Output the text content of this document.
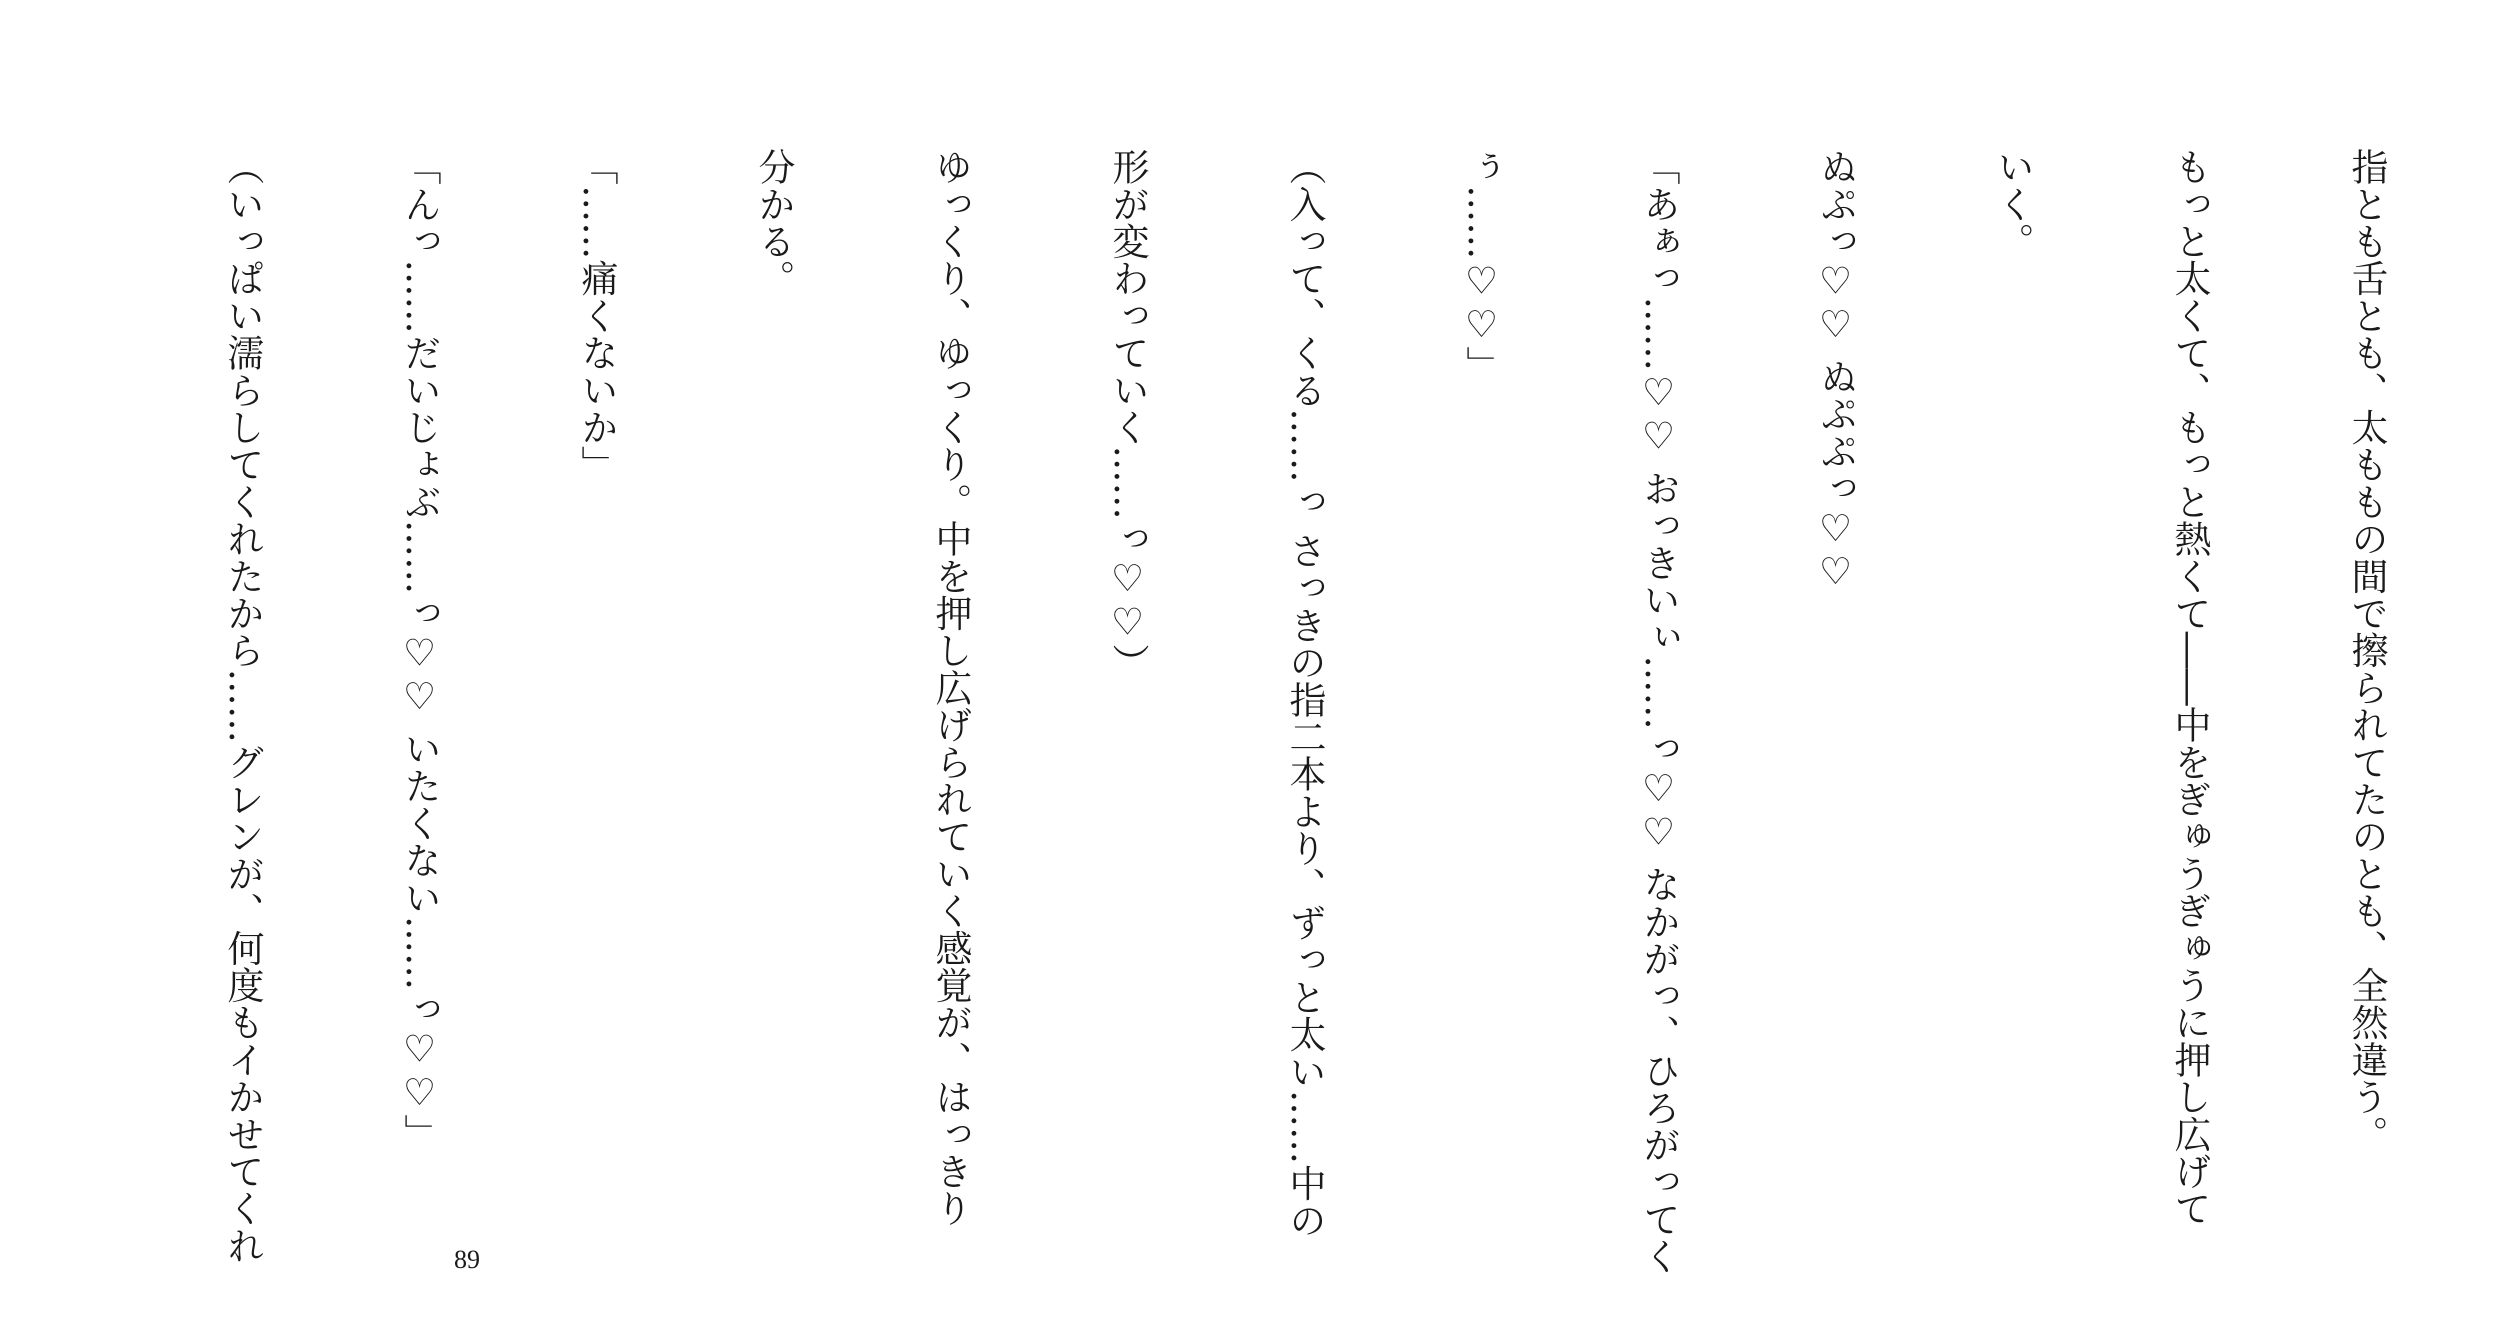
指とも舌とも、太ももの間で擦られてたのとも、全然違う。

もっと太くて、もっと熱くて――中をぎゅうぎゅうに押し広げて

いく。

ぬぷっ♡♡ ぬぷぷっ♡♡

「あぁっ……♡♡ おっきいぃ……っ♡♡ なかがっ、ひろがってく

ぅ……♡♡」

（入って、くる……っ さっきの指二本より、ずっと太い……中の

形が変わっていく……っ♡♡）

ゆっくり、ゆっくり。中を押し広げられていく感覚が、はっきり

分かる。

「……痛くないか」

「んっ……だいじょぶ……っ♡♡ いたくない……っ♡♡」

（いっぱい濡らしてくれたから……グレンが、何度もイかせてくれ

	89
